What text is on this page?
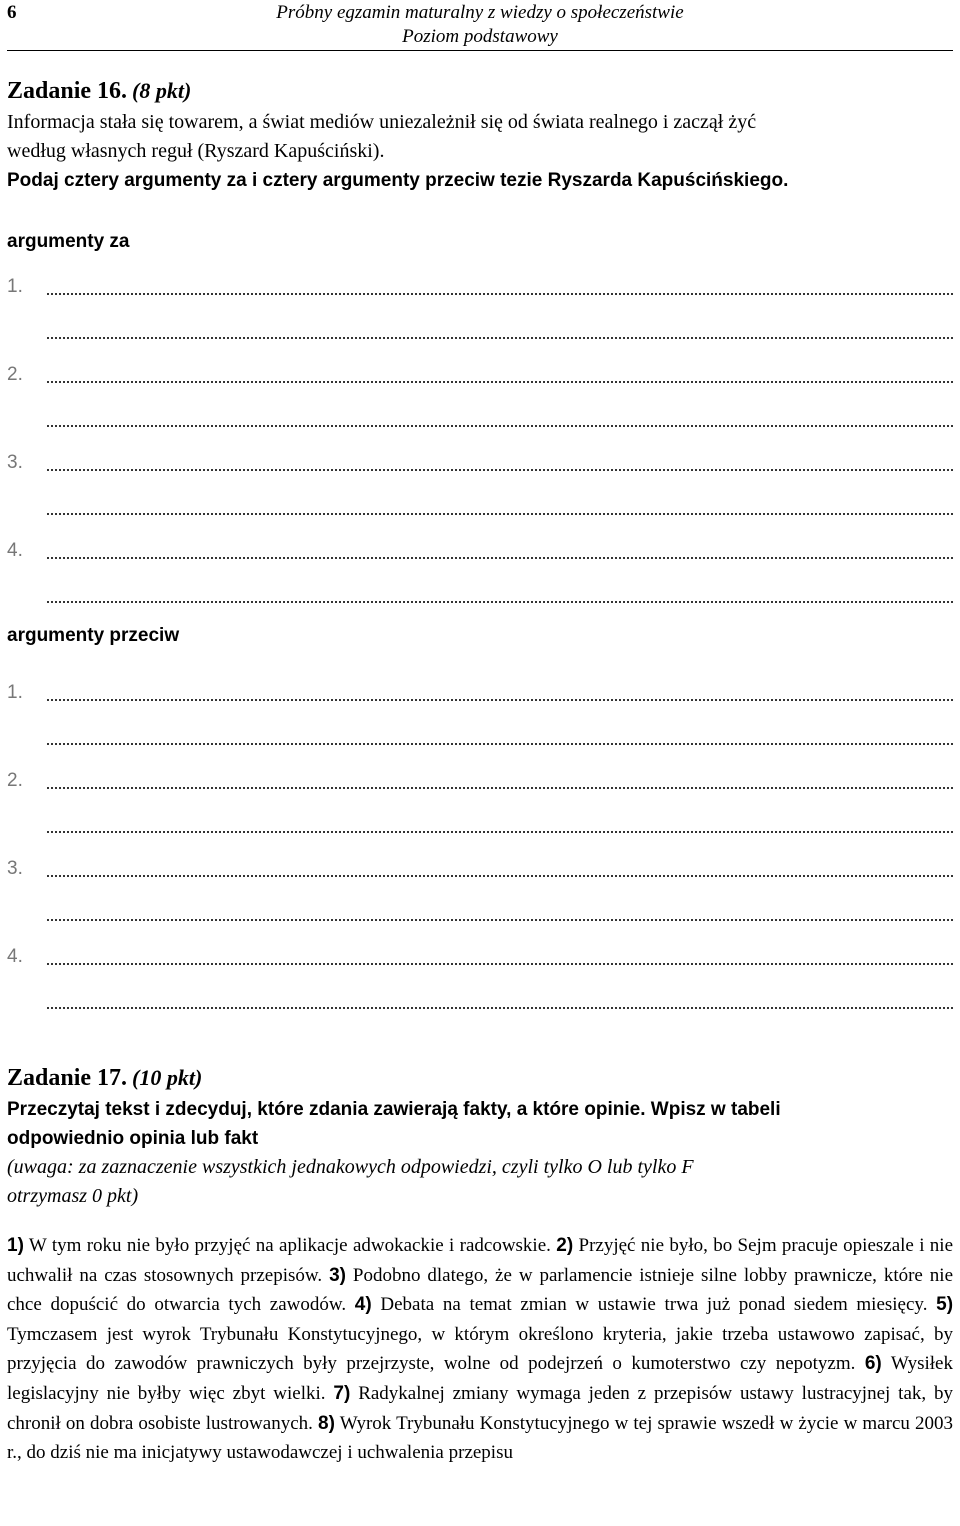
6	Próbny egzamin maturalny z wiedzy o społeczeństwie
Poziom podstawowy
Zadanie 16. (8 pkt)
Informacja stała się towarem, a świat mediów uniezależnił się od świata realnego i zaczął żyć
według własnych reguł (Ryszard Kapuściński).
Podaj cztery argumenty za i cztery argumenty przeciw tezie Ryszarda Kapuścińskiego.
argumenty za
1.
2.
3.
4.
argumenty przeciw
1.
2.
3.
4.
Zadanie 17. (10 pkt)
Przeczytaj tekst i zdecyduj, które zdania zawierają fakty, a które opinie. Wpisz w tabeli
odpowiednio opinia lub fakt
(uwaga: za zaznaczenie wszystkich jednakowych odpowiedzi, czyli tylko O lub tylko F
otrzymasz 0 pkt)
1) W tym roku nie było przyjęć na aplikacje adwokackie i radcowskie. 2) Przyjęć nie było, bo Sejm pracuje opieszale i nie uchwalił na czas stosownych przepisów. 3) Podobno dlatego, że w parlamencie istnieje silne lobby prawnicze, które nie chce dopuścić do otwarcia tych zawodów. 4) Debata na temat zmian w ustawie trwa już ponad siedem miesięcy. 5) Tymczasem jest wyrok Trybunału Konstytucyjnego, w którym określono kryteria, jakie trzeba ustawowo zapisać, by przyjęcia do zawodów prawniczych były przejrzyste, wolne od podejrzeń o kumoterstwo czy nepotyzm. 6) Wysiłek legislacyjny nie byłby więc zbyt wielki. 7) Radykalnej zmiany wymaga jeden z przepisów ustawy lustracyjnej tak, by chronił on dobra osobiste lustrowanych. 8) Wyrok Trybunału Konstytucyjnego w tej sprawie wszedł w życie w marcu 2003 r., do dziś nie ma inicjatywy ustawodawczej i uchwalenia przepisu
